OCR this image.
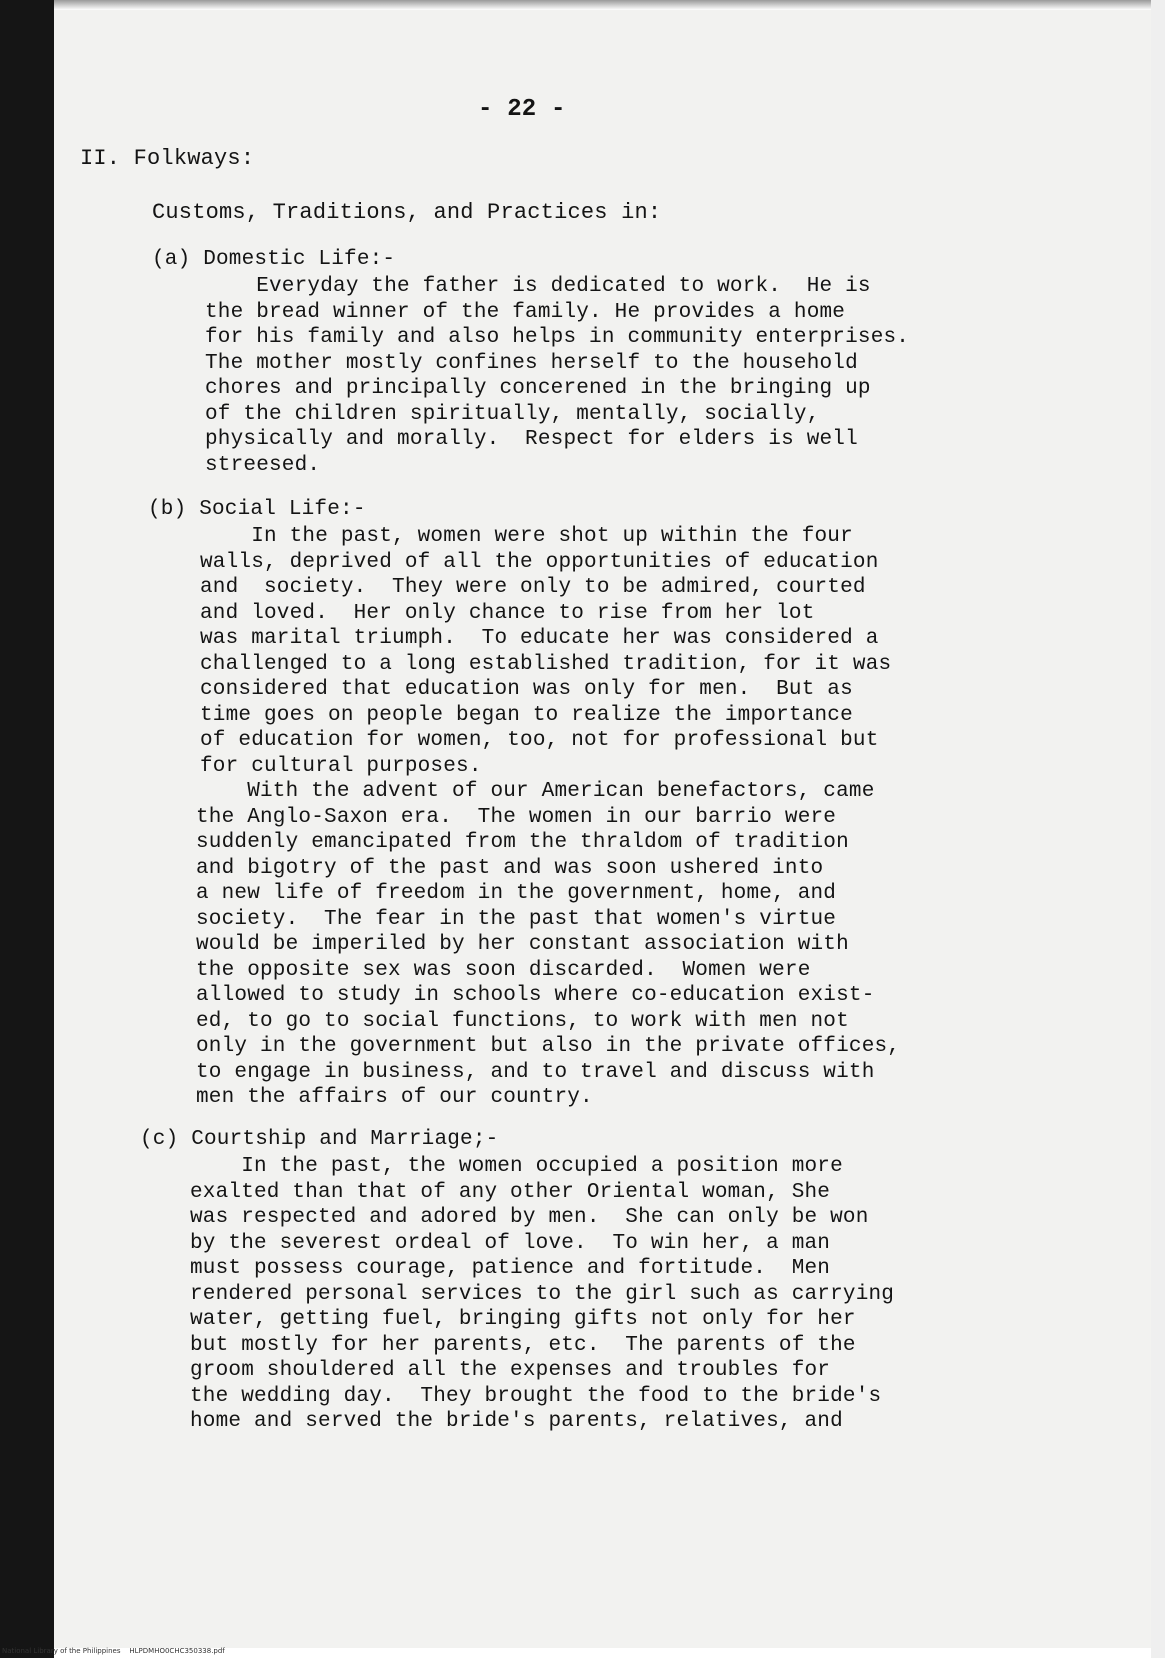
- 22 -
II. Folkways:
Customs, Traditions, and Practices in:
(a) Domestic Life:-
Everyday the father is dedicated to work.  He is
the bread winner of the family. He provides a home
for his family and also helps in community enterprises.
The mother mostly confines herself to the household
chores and principally concerened in the bringing up
of the children spiritually, mentally, socially,
physically and morally.  Respect for elders is well
streesed.
(b) Social Life:-
In the past, women were shot up within the four
walls, deprived of all the opportunities of education
and  society.  They were only to be admired, courted
and loved.  Her only chance to rise from her lot
was marital triumph.  To educate her was considered a
challenged to a long established tradition, for it was
considered that education was only for men.  But as
time goes on people began to realize the importance
of education for women, too, not for professional but
for cultural purposes.
With the advent of our American benefactors, came
the Anglo-Saxon era.  The women in our barrio were
suddenly emancipated from the thraldom of tradition
and bigotry of the past and was soon ushered into
a new life of freedom in the government, home, and
society.  The fear in the past that women's virtue
would be imperiled by her constant association with
the opposite sex was soon discarded.  Women were
allowed to study in schools where co-education exist-
ed, to go to social functions, to work with men not
only in the government but also in the private offices,
to engage in business, and to travel and discuss with
men the affairs of our country.
(c) Courtship and Marriage;-
In the past, the women occupied a position more
exalted than that of any other Oriental woman, She
was respected and adored by men.  She can only be won
by the severest ordeal of love.  To win her, a man
must possess courage, patience and fortitude.  Men
rendered personal services to the girl such as carrying
water, getting fuel, bringing gifts not only for her
but mostly for her parents, etc.  The parents of the
groom shouldered all the expenses and troubles for
the wedding day.  They brought the food to the bride's
home and served the bride's parents, relatives, and
National Library of the Philippines    HLPDMHO0CHC350338.pdf
